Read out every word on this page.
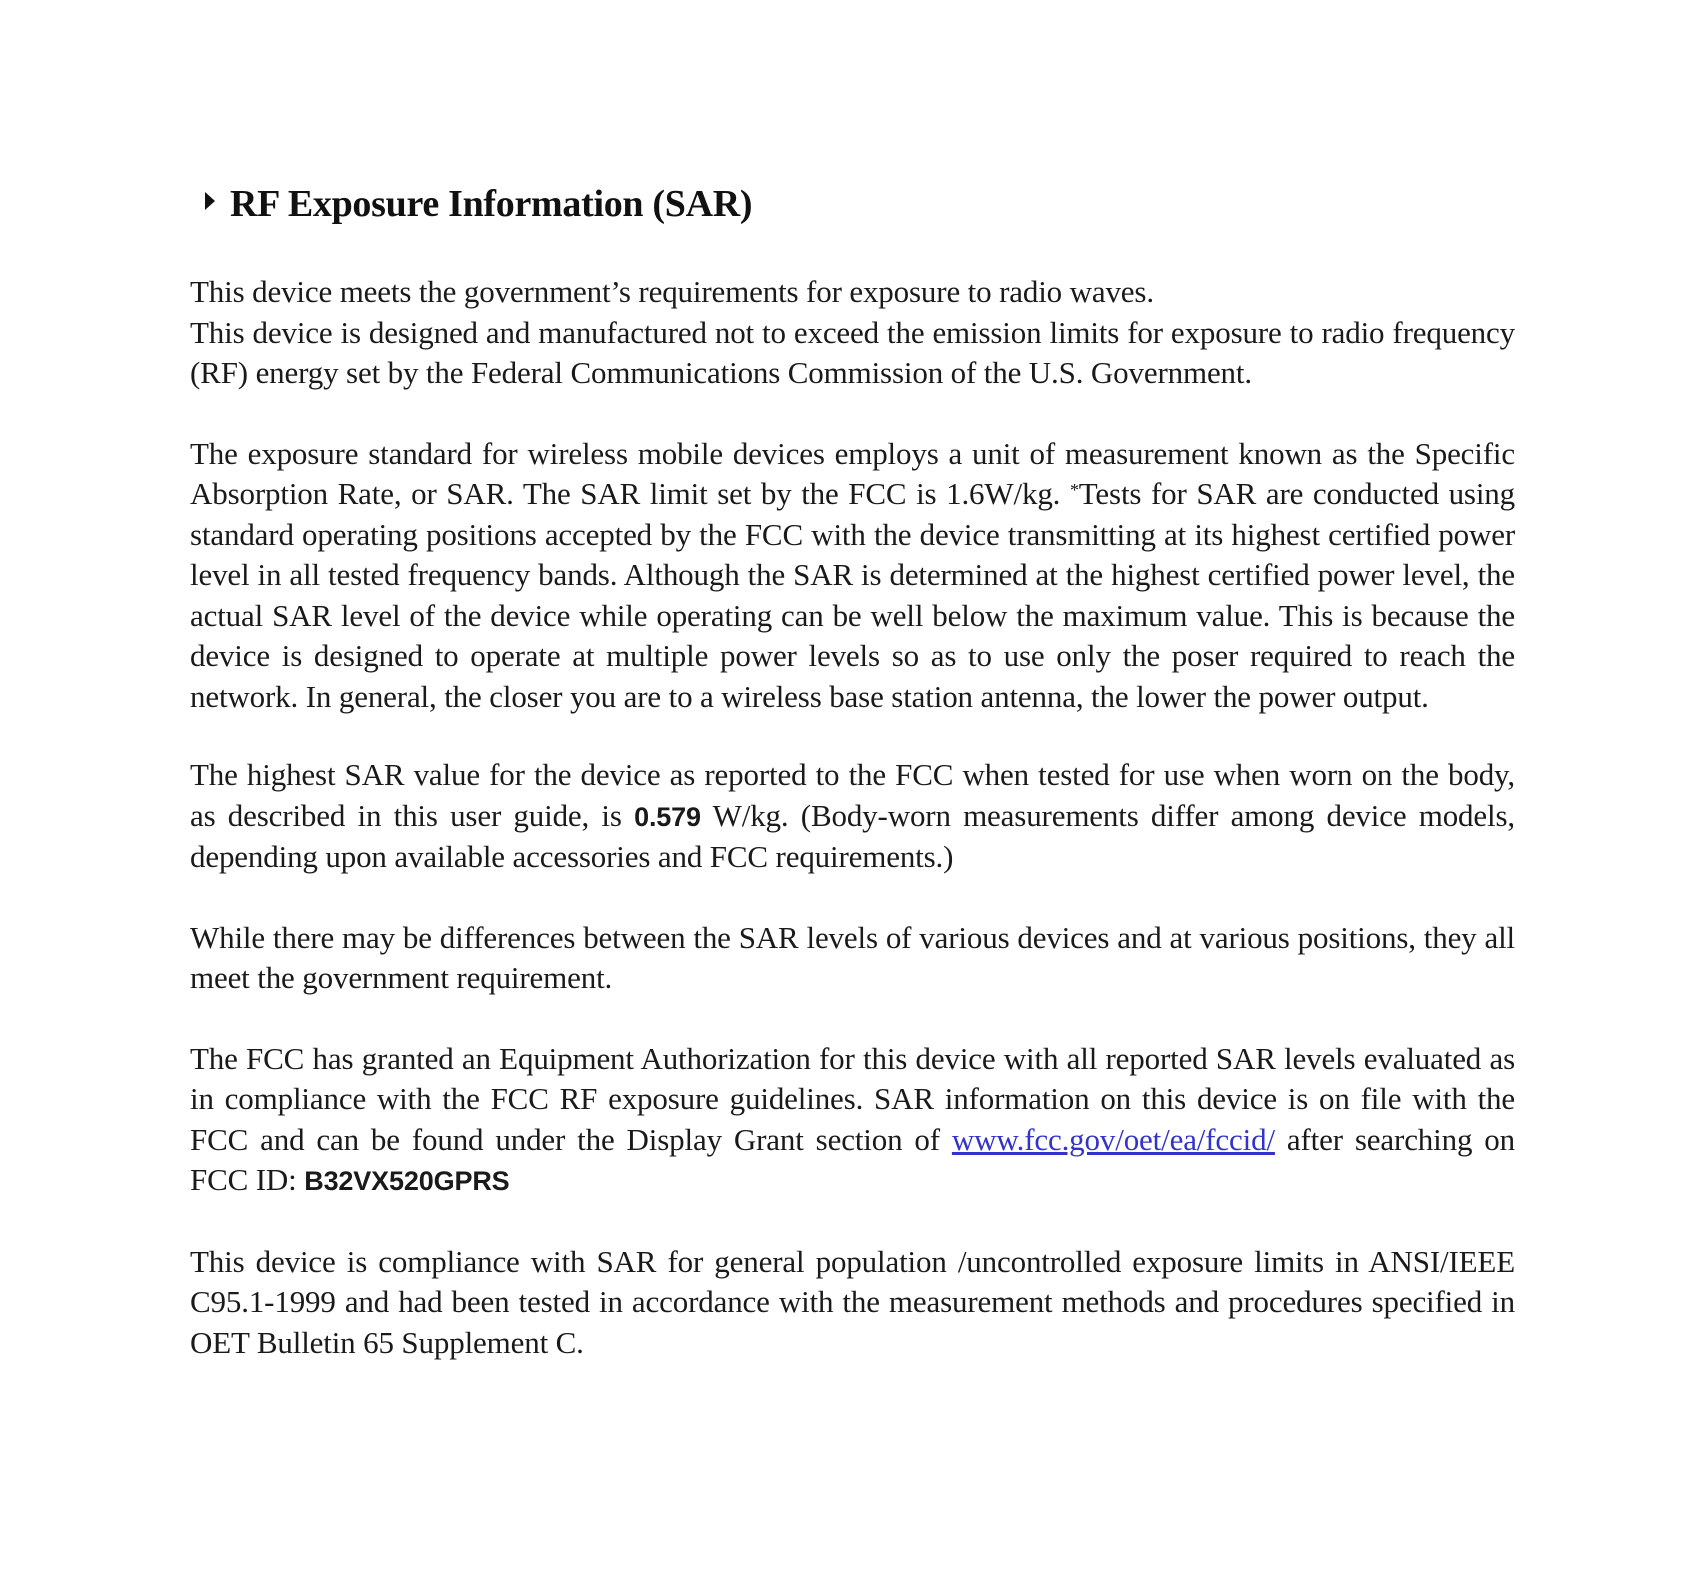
RF Exposure Information (SAR)

This device meets the government’s requirements for exposure to radio waves.
This device is designed and manufactured not to exceed the emission limits for exposure to radio frequency (RF) energy set by the Federal Communications Commission of the U.S. Government.

The exposure standard for wireless mobile devices employs a unit of measurement known as the Specific Absorption Rate, or SAR. The SAR limit set by the FCC is 1.6W/kg. *Tests for SAR are conducted using standard operating positions accepted by the FCC with the device transmitting at its highest certified power level in all tested frequency bands. Although the SAR is determined at the highest certified power level, the actual SAR level of the device while operating can be well below the maximum value. This is because the device is designed to operate at multiple power levels so as to use only the poser required to reach the network. In general, the closer you are to a wireless base station antenna, the lower the power output.

The highest SAR value for the device as reported to the FCC when tested for use when worn on the body, as described in this user guide, is 0.579 W/kg. (Body-worn measurements differ among device models, depending upon available accessories and FCC requirements.)

While there may be differences between the SAR levels of various devices and at various positions, they all meet the government requirement.

The FCC has granted an Equipment Authorization for this device with all reported SAR levels evaluated as in compliance with the FCC RF exposure guidelines. SAR information on this device is on file with the FCC and can be found under the Display Grant section of www.fcc.gov/oet/ea/fccid/ after searching on FCC ID: B32VX520GPRS

This device is compliance with SAR for general population /uncontrolled exposure limits in ANSI/IEEE C95.1-1999 and had been tested in accordance with the measurement methods and procedures specified in OET Bulletin 65 Supplement C.
